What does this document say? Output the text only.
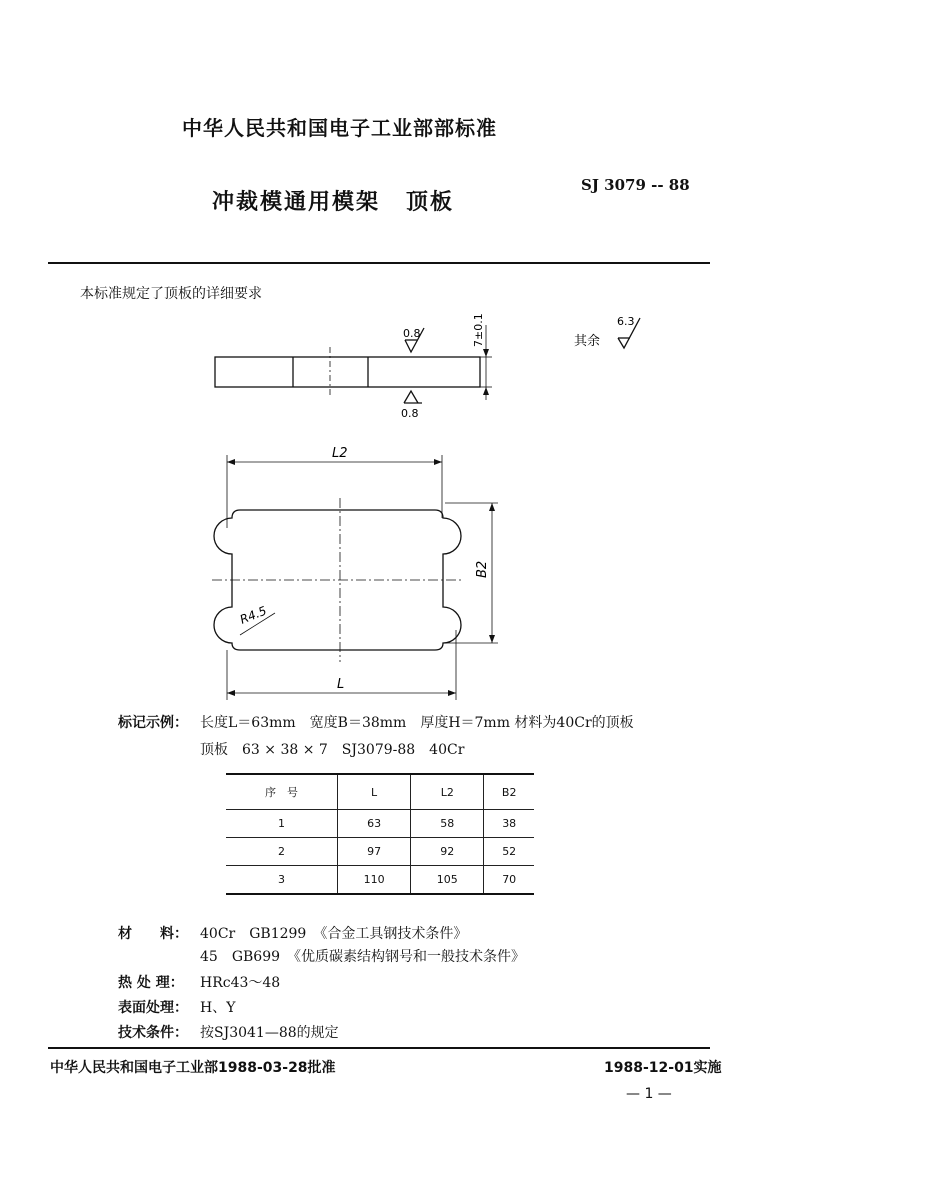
中华人民共和国电子工业部部标准
冲裁模通用模架 顶板
SJ 3079 -- 88
本标准规定了顶板的详细要求
0.8
0.8
7±0.1	其余
6.3
L2
B2
L
R4.5
标记示例： 长度L＝63mm　宽度B＝38mm　厚度H＝7mm 材料为40Cr的顶板
顶板　63 × 38 × 7　SJ3079-88　40Cr
序　号	L	L2	B2
1	63	58	38
2	97	92	52
3	110	105	70
材　　料： 40Cr　GB1299　《合金工具钢技术条件》
45　GB699　《优质碳素结构钢号和一般技术条件》
热 处 理： HRc43～48
表面处理： H、Y
技术条件： 按SJ3041—88的规定
中华人民共和国电子工业部1988-03-28批准	1988-12-01实施
— 1 —
